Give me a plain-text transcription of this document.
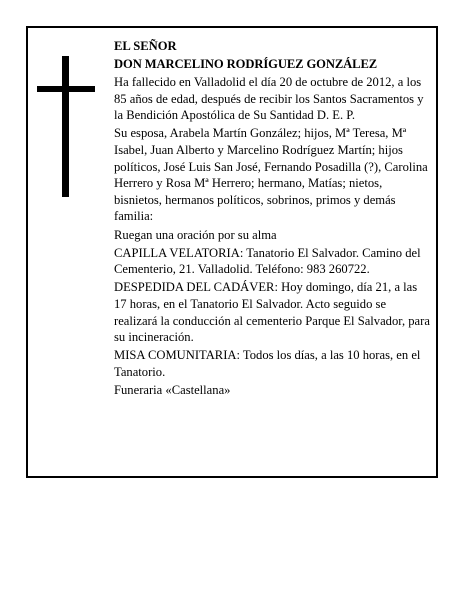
EL SEÑOR

DON MARCELINO RODRÍGUEZ GONZÁLEZ

Ha fallecido en Valladolid el día 20 de octubre de 2012, a los 85 años de edad, después de recibir los Santos Sacramentos y la Bendición Apostólica de Su Santidad D. E. P.

Su esposa, Arabela Martín González; hijos, Mª Teresa, Mª Isabel, Juan Alberto y Marcelino Rodríguez Martín; hijos políticos, José Luis San José, Fernando Posadilla (?), Carolina Herrero y Rosa Mª Herrero; hermano, Matías; nietos, bisnietos, hermanos políticos, sobrinos, primos y demás familia:

Ruegan una oración por su alma

CAPILLA VELATORIA: Tanatorio El Salvador. Camino del Cementerio, 21. Valladolid. Teléfono: 983 260722.

DESPEDIDA DEL CADÁVER: Hoy domingo, día 21, a las 17 horas, en el Tanatorio El Salvador. Acto seguido se realizará la conducción al cementerio Parque El Salvador, para su incineración.

MISA COMUNITARIA: Todos los días, a las 10 horas, en el Tanatorio.

Funeraria «Castellana»
